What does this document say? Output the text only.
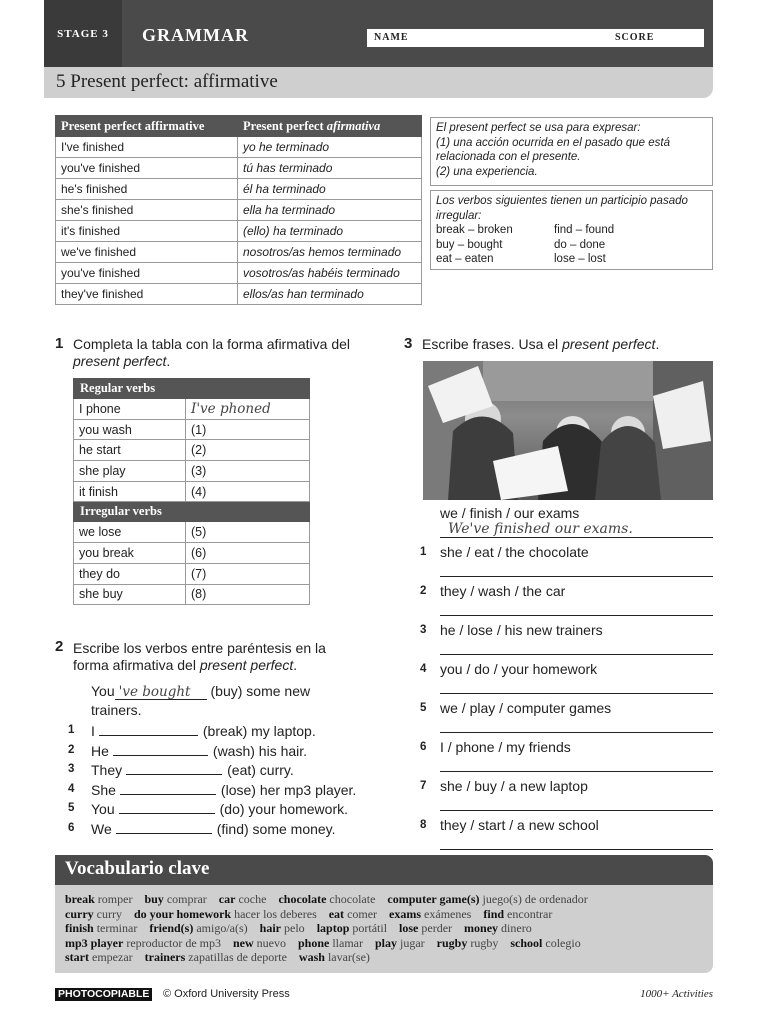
STAGE 3	GRAMMAR	NAME	SCORE
5 Present perfect: affirmative
Present perfect affirmative	Present perfect afirmativa
I've finished	yo he terminado
you've finished	tú has terminado
he's finished	él ha terminado
she's finished	ella ha terminado
it's finished	(ello) ha terminado
we've finished	nosotros/as hemos terminado
you've finished	vosotros/as habéis terminado
they've finished	ellos/as han terminado
El present perfect se usa para expresar:
(1) una acción ocurrida en el pasado que está relacionada con el presente.
(2) una experiencia.
Los verbos siguientes tienen un participio pasado irregular:
break – broken	find – found
buy – bought	do – done
eat – eaten	lose – lost
1 Completa la tabla con la forma afirmativa del present perfect.
Regular verbs	
I phone	I've phoned
you wash	(1)
he start	(2)
she play	(3)
it finish	(4)
Irregular verbs	
we lose	(5)
you break	(6)
they do	(7)
she buy	(8)
2 Escribe los verbos entre paréntesis en la forma afirmativa del present perfect.
You 've bought (buy) some new
trainers.
1	I	(break) my laptop.
2	He	(wash) his hair.
3	They	(eat) curry.
4	She	(lose) her mp3 player.
5	You	(do) your homework.
6	We	(find) some money.
3 Escribe frases. Usa el present perfect.
we / finish / our exams
We've finished our exams.
1 she / eat / the chocolate
2 they / wash / the car
3 he / lose / his new trainers
4 you / do / your homework
5 we / play / computer games
6 I / phone / my friends
7 she / buy / a new laptop
8 they / start / a new school
Vocabulario clave
break romper buy comprar car coche chocolate chocolate computer game(s) juego(s) de ordenador
curry curry do your homework hacer los deberes eat comer exams exámenes find encontrar
finish terminar friend(s) amigo/a(s) hair pelo laptop portátil lose perder money dinero
mp3 player reproductor de mp3 new nuevo phone llamar play jugar rugby rugby school colegio
start empezar trainers zapatillas de deporte wash lavar(se)
PHOTOCOPIABLE © Oxford University Press	1000+ Activities
